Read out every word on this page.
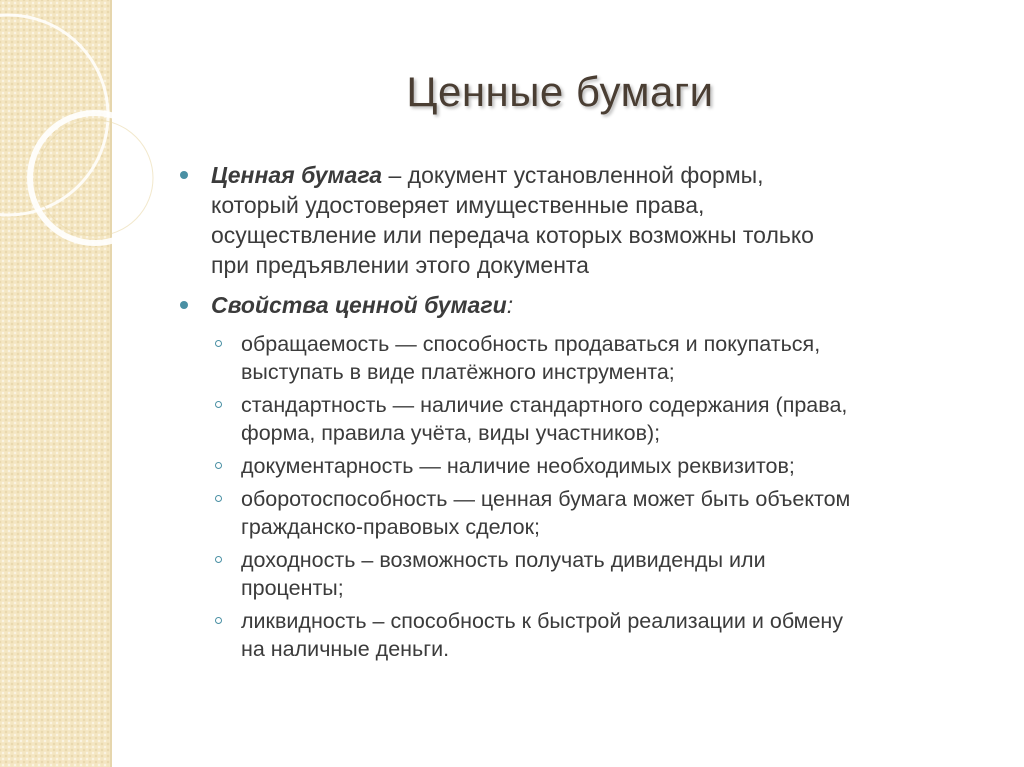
Ценные бумаги
Ценная бумага – документ установленной формы,
который удостоверяет имущественные права,
осуществление или передача которых возможны только
при предъявлении этого документа
Свойства ценной бумаги:
обращаемость — способность продаваться и покупаться,
выступать в виде платёжного инструмента;
стандартность — наличие стандартного содержания (права,
форма, правила учёта, виды участников);
документарность — наличие необходимых реквизитов;
оборотоспособность — ценная бумага может быть объектом
гражданско-правовых сделок;
доходность – возможность получать дивиденды или
проценты;
ликвидность – способность к быстрой реализации и обмену
на наличные деньги.
